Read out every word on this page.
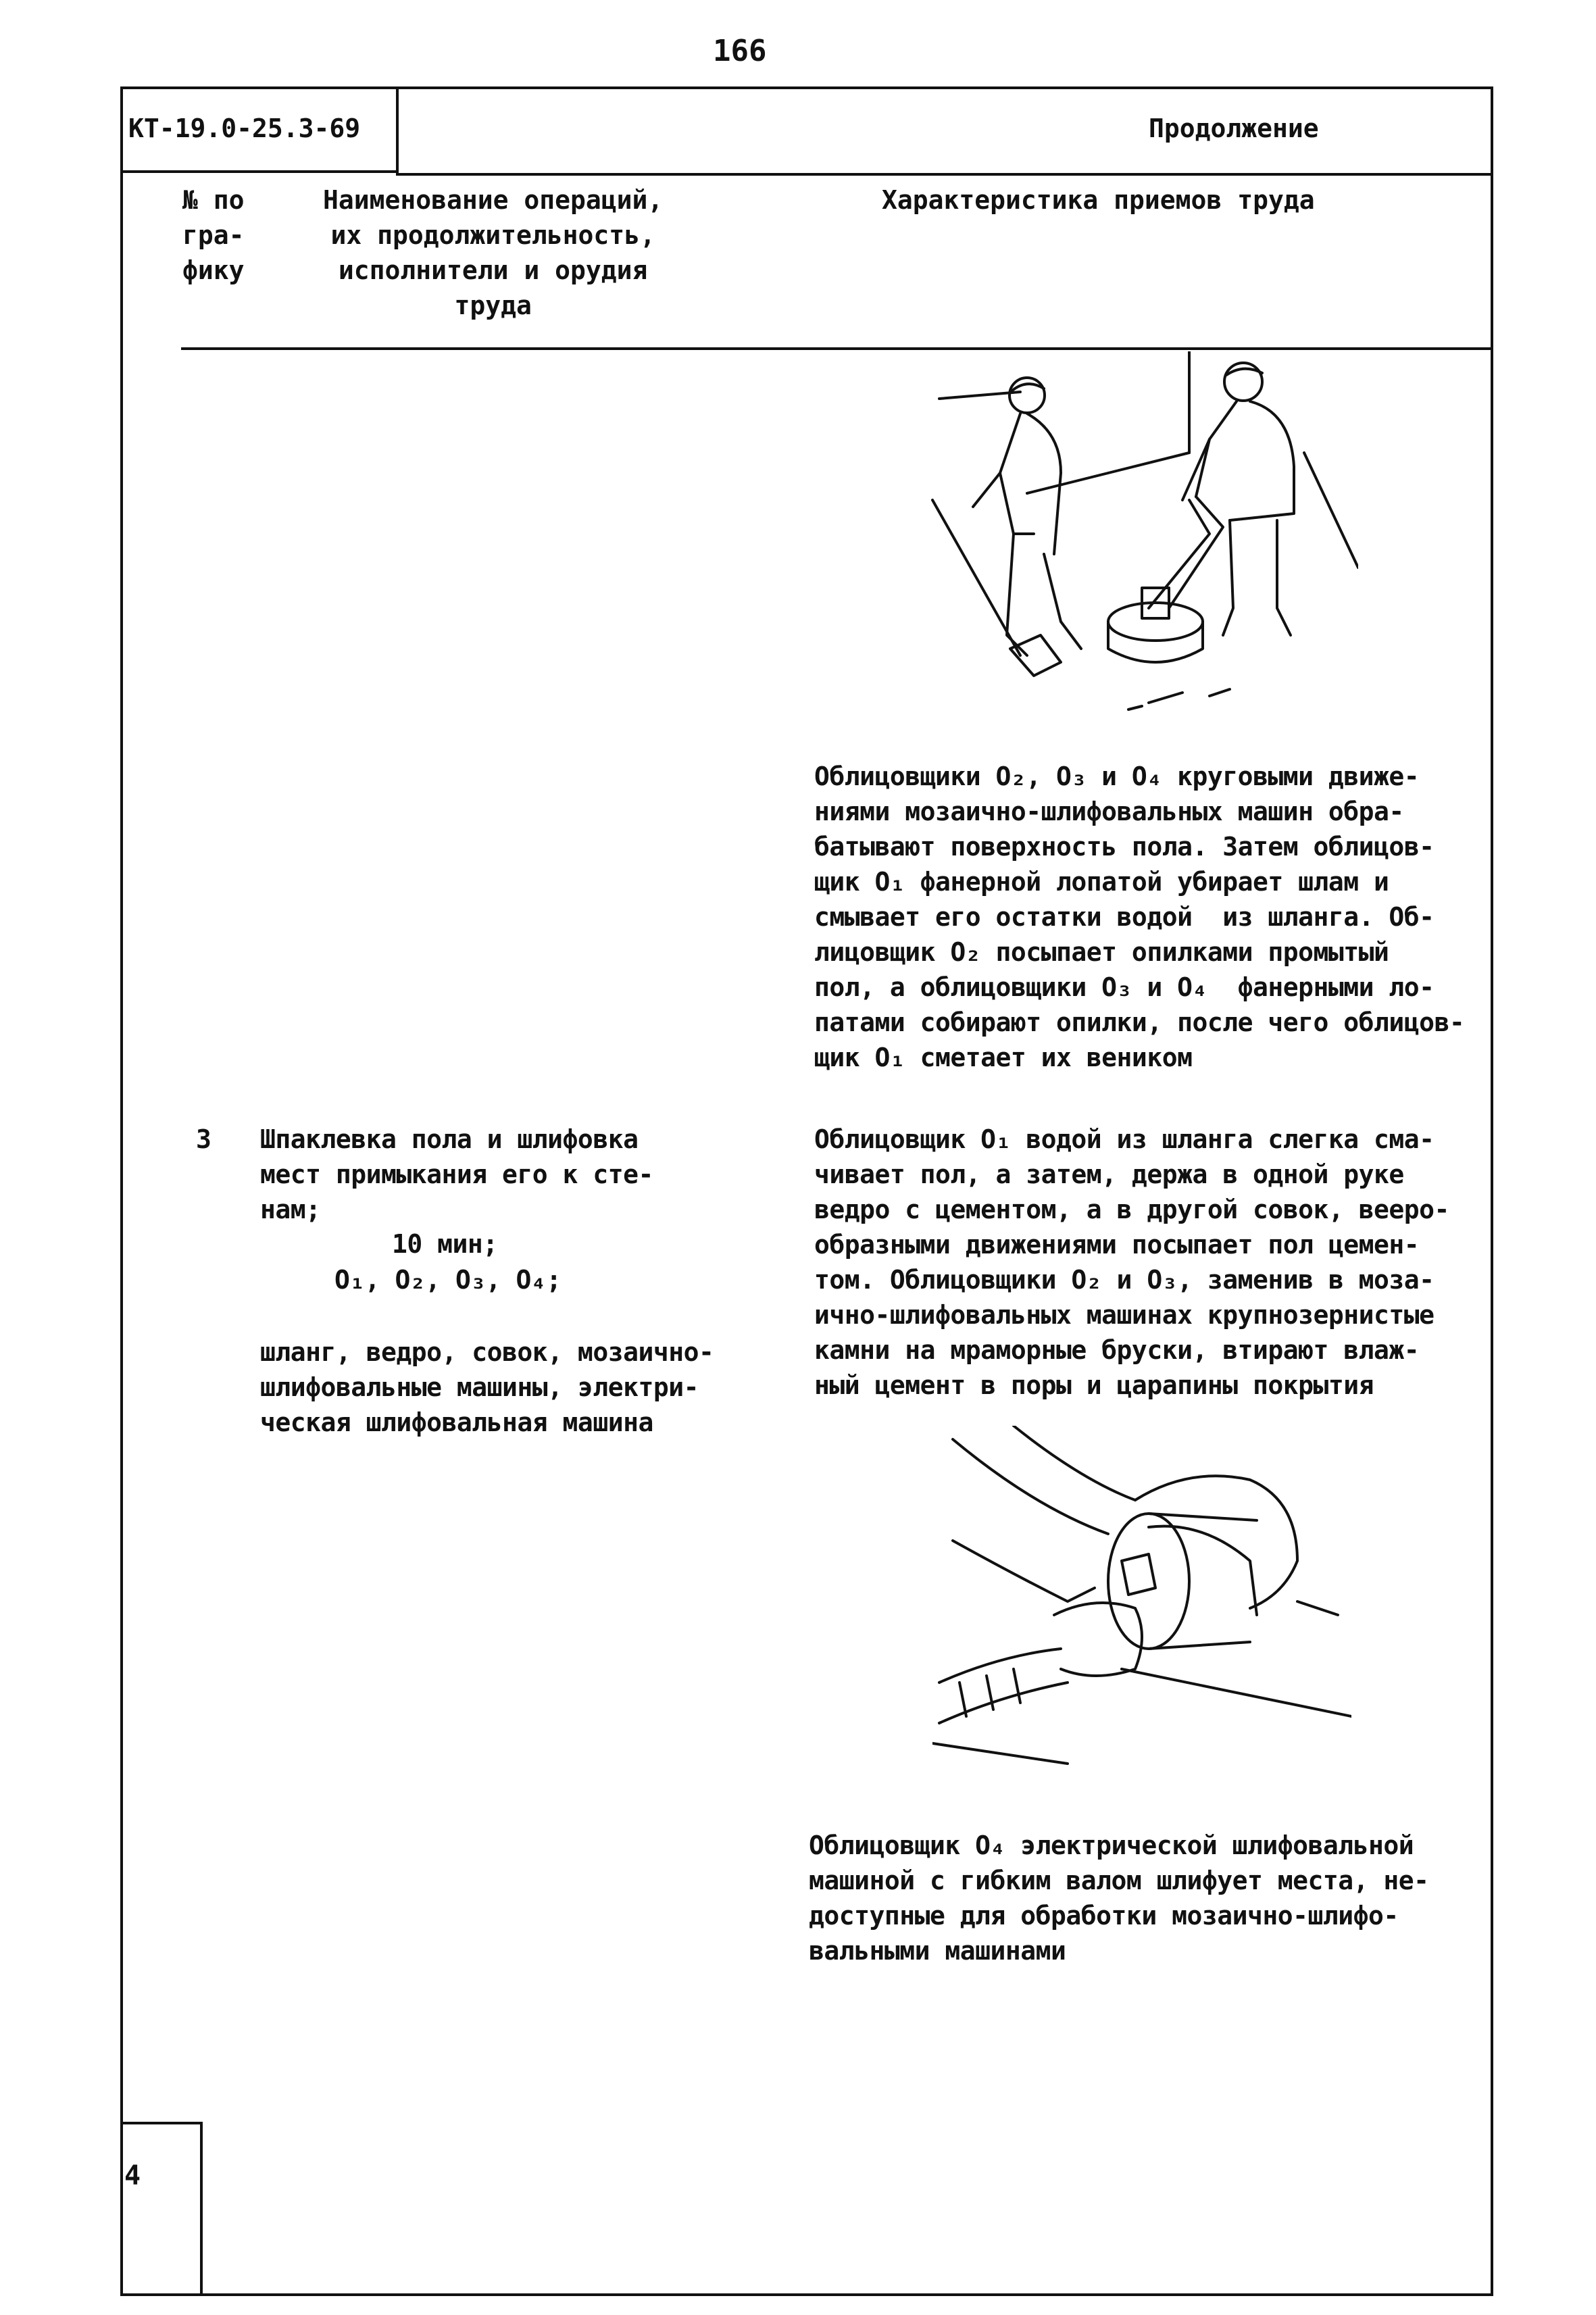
166
КТ-19.0-25.3-69	Продолжение
№ по
гра-
фику
Наименование операций,
их продолжительность,
исполнители и орудия
труда
Характеристика приемов труда
Облицовщики О₂, О₃ и О₄ круговыми движе-
ниями мозаично-шлифовальных машин обра-
батывают поверхность пола. Затем облицов-
щик О₁ фанерной лопатой убирает шлам и
смывает его остатки водой  из шланга. Об-
лицовщик О₂ посыпает опилками промытый
пол, а облицовщики О₃ и О₄  фанерными ло-
патами собирают опилки, после чего облицов-
щик О₁ сметает их веником
3 Шпаклевка пола и шлифовка
мест примыкания его к сте-
нам;
10 мин;
О₁, О₂, О₃, О₄;
шланг, ведро, совок, мозаично-
шлифовальные машины, электри-
ческая шлифовальная машина
Облицовщик О₁ водой из шланга слегка сма-
чивает пол, а затем, держа в одной руке
ведро с цементом, а в другой совок, вееро-
образными движениями посыпает пол цемен-
том. Облицовщики О₂ и О₃, заменив в моза-
ично-шлифовальных машинах крупнозернистые
камни на мраморные бруски, втирают влаж-
ный цемент в поры и царапины покрытия
Облицовщик О₄ электрической шлифовальной
машиной с гибким валом шлифует места, не-
доступные для обработки мозаично-шлифо-
вальными машинами
4
